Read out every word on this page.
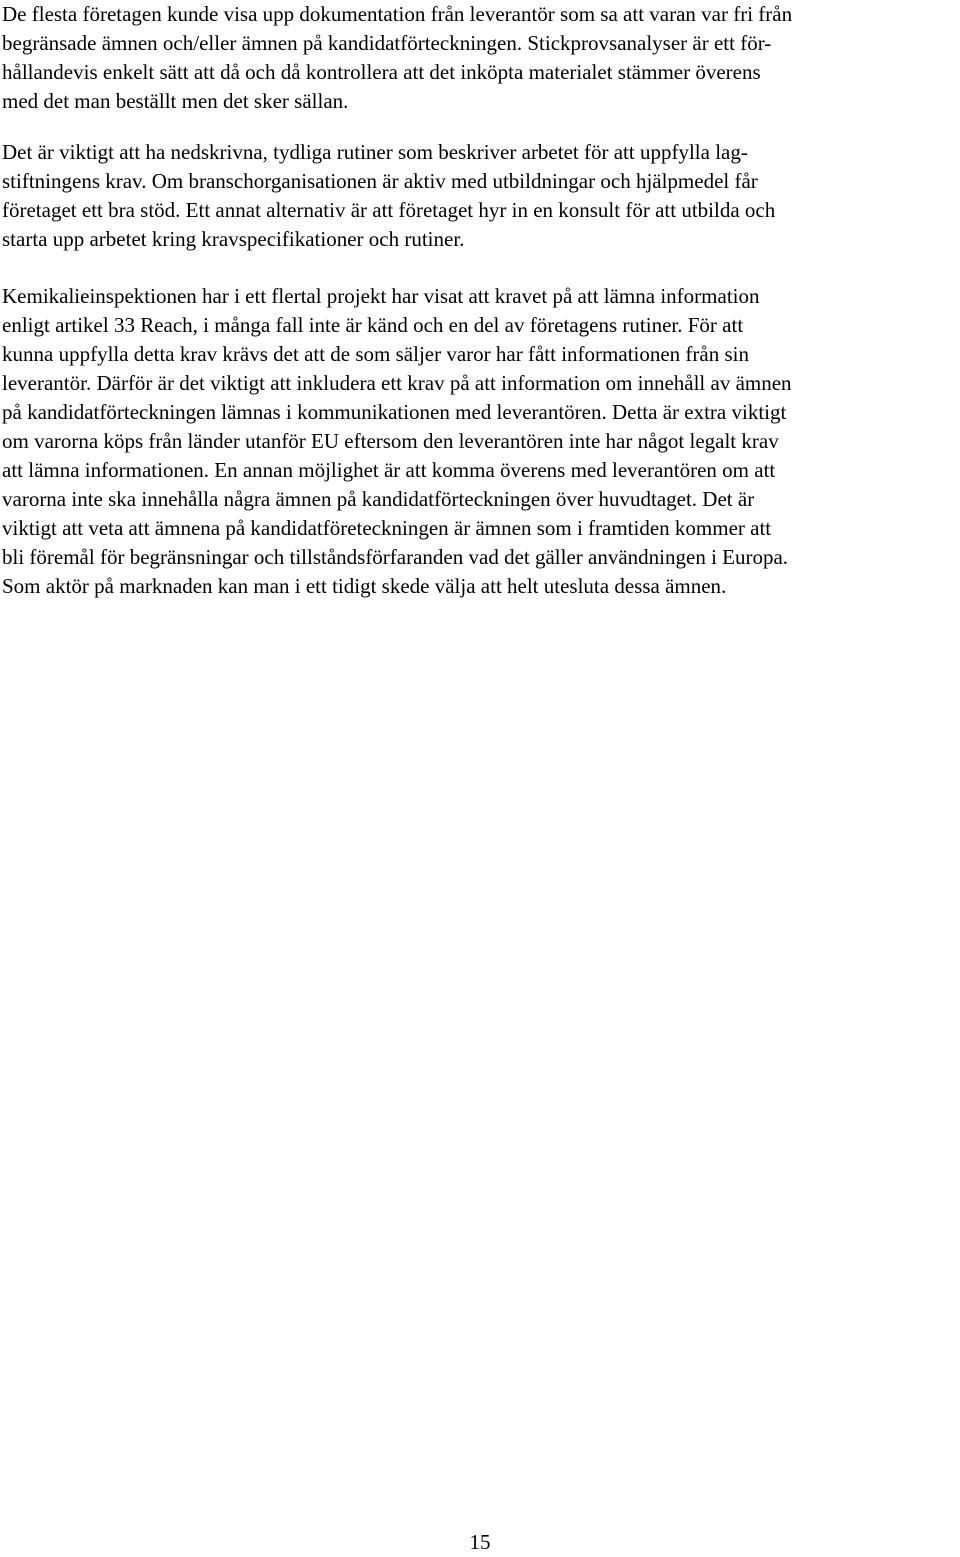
De flesta företagen kunde visa upp dokumentation från leverantör som sa att varan var fri från
begränsade ämnen och/eller ämnen på kandidatförteckningen. Stickprovsanalyser är ett för-
hållandevis enkelt sätt att då och då kontrollera att det inköpta materialet stämmer överens
med det man beställt men det sker sällan.

Det är viktigt att ha nedskrivna, tydliga rutiner som beskriver arbetet för att uppfylla lag-
stiftningens krav. Om branschorganisationen är aktiv med utbildningar och hjälpmedel får
företaget ett bra stöd. Ett annat alternativ är att företaget hyr in en konsult för att utbilda och
starta upp arbetet kring kravspecifikationer och rutiner.

Kemikalieinspektionen har i ett flertal projekt har visat att kravet på att lämna information
enligt artikel 33 Reach, i många fall inte är känd och en del av företagens rutiner. För att
kunna uppfylla detta krav krävs det att de som säljer varor har fått informationen från sin
leverantör. Därför är det viktigt att inkludera ett krav på att information om innehåll av ämnen
på kandidatförteckningen lämnas i kommunikationen med leverantören. Detta är extra viktigt
om varorna köps från länder utanför EU eftersom den leverantören inte har något legalt krav
att lämna informationen. En annan möjlighet är att komma överens med leverantören om att
varorna inte ska innehålla några ämnen på kandidatförteckningen över huvudtaget. Det är
viktigt att veta att ämnena på kandidatföreteckningen är ämnen som i framtiden kommer att
bli föremål för begränsningar och tillståndsförfaranden vad det gäller användningen i Europa.
Som aktör på marknaden kan man i ett tidigt skede välja att helt utesluta dessa ämnen.

15
